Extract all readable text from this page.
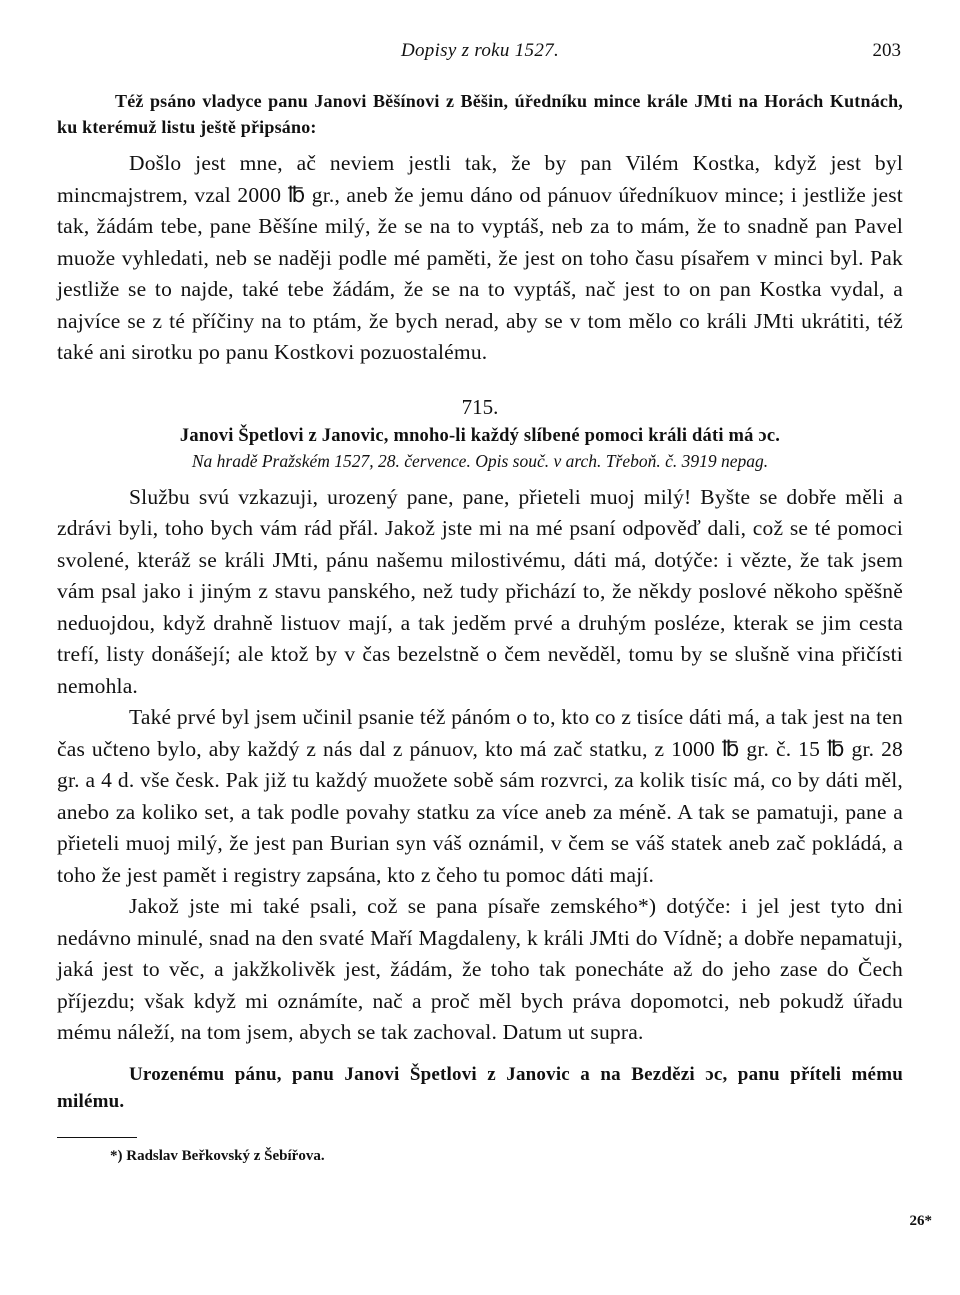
Dopisy z roku 1527.	203

Též psáno vladyce panu Janovi Běšínovi z Běšin, úředníku mince krále JMti na Horách Kutnách, ku kterémuž listu ještě připsáno:

Došlo jest mne, ač neviem jestli tak, že by pan Vilém Kostka, když jest byl mincmajstrem, vzal 2000 ℔ gr., aneb že jemu dáno od pánuov úředníkuov mince; i jestliže jest tak, žádám tebe, pane Běšíne milý, že se na to vyptáš, neb za to mám, že to snadně pan Pavel muože vyhledati, neb se naději podle mé paměti, že jest on toho času písařem v minci byl. Pak jestliže se to najde, také tebe žádám, že se na to vyptáš, nač jest to on pan Kostka vydal, a najvíce se z té příčiny na to ptám, že bych nerad, aby se v tom mělo co králi JMti ukrátiti, též také ani sirotku po panu Kostkovi pozuostalému.

715.
Janovi Špetlovi z Janovic, mnoho-li každý slíbené pomoci králi dáti má ɔc.
Na hradě Pražském 1527, 28. července. Opis souč. v arch. Třeboň. č. 3919 nepag.

Službu svú vzkazuji, urozený pane, pane, přieteli muoj milý! Byšte se dobře měli a zdrávi byli, toho bych vám rád přál. Jakož jste mi na mé psaní odpověď dali, což se té pomoci svolené, kteráž se králi JMti, pánu našemu milostivému, dáti má, dotýče: i vězte, že tak jsem vám psal jako i jiným z stavu panského, než tudy přichází to, že někdy poslové někoho spěšně neduojdou, když drahně listuov mají, a tak jeděm prvé a druhým posléze, kterak se jim cesta trefí, listy donášejí; ale ktož by v čas bezelstně o čem nevěděl, tomu by se slušně vina přičísti nemohla.

Také prvé byl jsem učinil psanie též pánóm o to, kto co z tisíce dáti má, a tak jest na ten čas učteno bylo, aby každý z nás dal z pánuov, kto má zač statku, z 1000 ℔ gr. č. 15 ℔ gr. 28 gr. a 4 d. vše česk. Pak již tu každý muožete sobě sám rozvrci, za kolik tisíc má, co by dáti měl, anebo za koliko set, a tak podle povahy statku za více aneb za méně. A tak se pamatuji, pane a přieteli muoj milý, že jest pan Burian syn váš oznámil, v čem se váš statek aneb zač pokládá, a toho že jest pamět i registry zapsána, kto z čeho tu pomoc dáti mají.

Jakož jste mi také psali, což se pana písaře zemského*) dotýče: i jel jest tyto dni nedávno minulé, snad na den svaté Maří Magdaleny, k králi JMti do Vídně; a dobře nepamatuji, jaká jest to věc, a jakžkolivěk jest, žádám, že toho tak ponecháte až do jeho zase do Čech příjezdu; však když mi oznámíte, nač a proč měl bych práva dopomotci, neb pokudž úřadu mému náleží, na tom jsem, abych se tak zachoval. Datum ut supra.

Urozenému pánu, panu Janovi Špetlovi z Janovic a na Bezdězi ɔc, panu příteli mému milému.

*) Radslav Beřkovský z Šebířova.

26*
